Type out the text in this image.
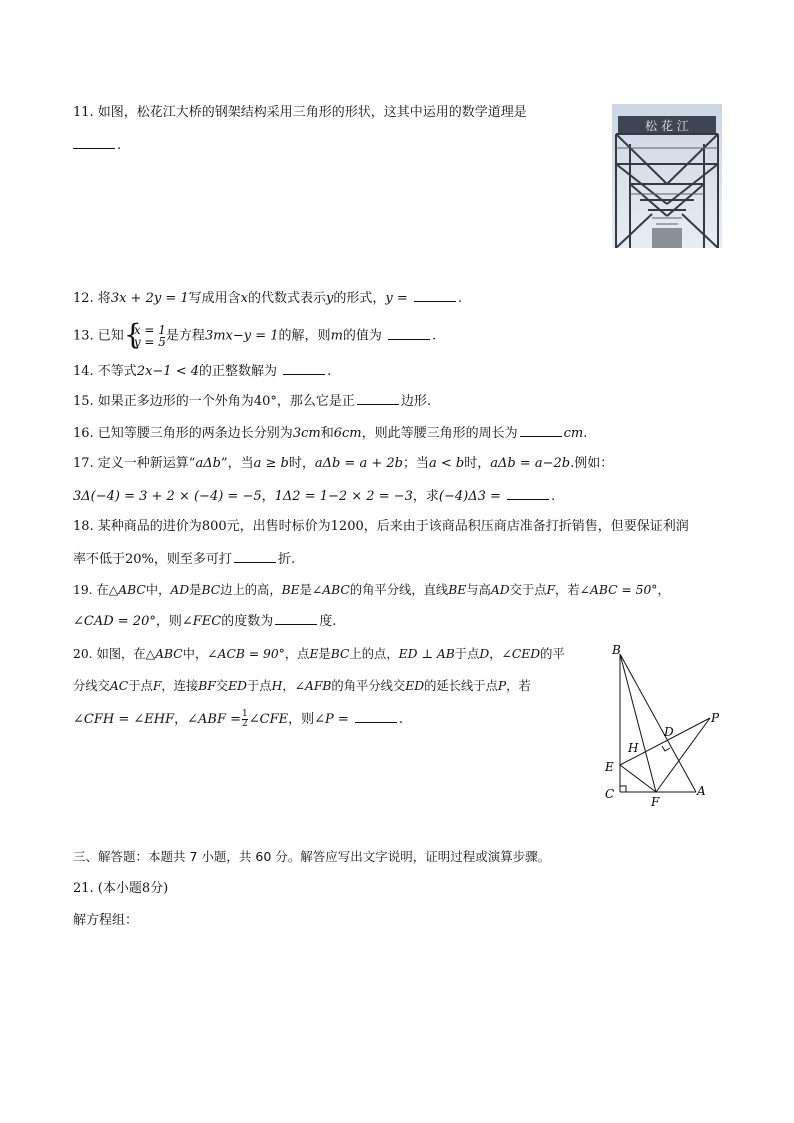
11. 如图，松花江大桥的钢架结构采用三角形的形状，这其中运用的数学道理是
.
松 花 江
12. 将3x + 2y = 1写成用含x的代数式表示y的形式，y =	.
13. 已知 {
x = 1
y = 5 是方程3mx−y = 1的解，则m的值为	.
14. 不等式2x−1 < 4的正整数解为	.
15. 如果正多边形的一个外角为40°，那么它是正	边形.
16. 已知等腰三角形的两条边长分别为3cm和6cm，则此等腰三角形的周长为	cm.
17. 定义一种新运算“aΔb”，当a ≥ b时，aΔb = a + 2b；当a < b时，aΔb = a−2b.例如：
3Δ(−4) = 3 + 2 × (−4) = −5，1Δ2 = 1−2 × 2 = −3，求(−4)Δ3 =	.
18. 某种商品的进价为800元，出售时标价为1200，后来由于该商品积压商店准备打折销售，但要保证利润
率不低于20%，则至多可打	折.
19. 在△ABC中，AD是BC边上的高，BE是∠ABC的角平分线，直线BE与高AD交于点F，若∠ABC = 50°，
∠CAD = 20°，则∠FEC的度数为	度.
20. 如图，在△ABC中，∠ACB = 90°，点E是BC上的点，ED ⊥ AB于点D，∠CED的平
分线交AC于点F，连接BF交ED于点H，∠AFB的角平分线交ED的延长线于点P，若
∠CFH = ∠EHF，∠ABF = $\frac{1}{2}$ ∠CFE，则∠P =	.
B
D
P
H
E
C
F
A
三、解答题：本题共 7 小题，共 60 分。解答应写出文字说明，证明过程或演算步骤。
21. (本小题8分)
解方程组：
